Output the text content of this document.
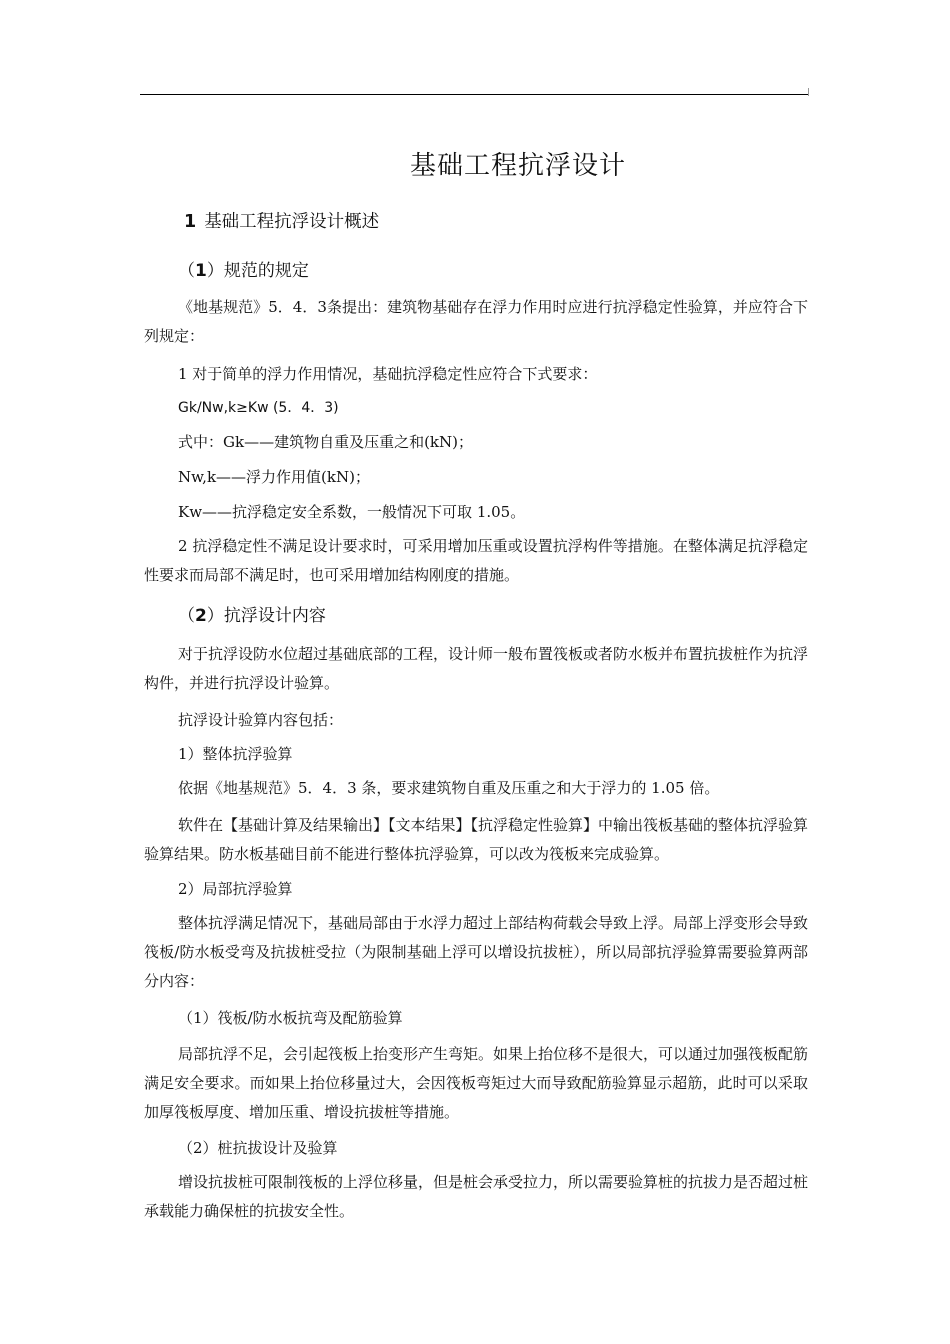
基础工程抗浮设计
1 基础工程抗浮设计概述
（1）规范的规定

《地基规范》5．4．3条提出：建筑物基础存在浮力作用时应进行抗浮稳定性验算，并应符合下列规定：

1 对于简单的浮力作用情况，基础抗浮稳定性应符合下式要求：

Gk/Nw,k≥Kw (5．4．3)

式中：Gk——建筑物自重及压重之和(kN)；

Nw,k——浮力作用值(kN)；

Kw——抗浮稳定安全系数，一般情况下可取 1.05。

2 抗浮稳定性不满足设计要求时，可采用增加压重或设置抗浮构件等措施。在整体满足抗浮稳定性要求而局部不满足时，也可采用增加结构刚度的措施。

（2）抗浮设计内容

对于抗浮设防水位超过基础底部的工程，设计师一般布置筏板或者防水板并布置抗拔桩作为抗浮构件，并进行抗浮设计验算。

抗浮设计验算内容包括：

1）整体抗浮验算

依据《地基规范》5．4．3 条，要求建筑物自重及压重之和大于浮力的 1.05 倍。

软件在【基础计算及结果输出】【文本结果】【抗浮稳定性验算】中输出筏板基础的整体抗浮验算验算结果。防水板基础目前不能进行整体抗浮验算，可以改为筏板来完成验算。

2）局部抗浮验算

整体抗浮满足情况下，基础局部由于水浮力超过上部结构荷载会导致上浮。局部上浮变形会导致筏板/防水板受弯及抗拔桩受拉（为限制基础上浮可以增设抗拔桩），所以局部抗浮验算需要验算两部分内容：

（1）筏板/防水板抗弯及配筋验算

局部抗浮不足，会引起筏板上抬变形产生弯矩。如果上抬位移不是很大，可以通过加强筏板配筋满足安全要求。而如果上抬位移量过大，会因筏板弯矩过大而导致配筋验算显示超筋，此时可以采取加厚筏板厚度、增加压重、增设抗拔桩等措施。

（2）桩抗拔设计及验算

增设抗拔桩可限制筏板的上浮位移量，但是桩会承受拉力，所以需要验算桩的抗拔力是否超过桩承载能力确保桩的抗拔安全性。
